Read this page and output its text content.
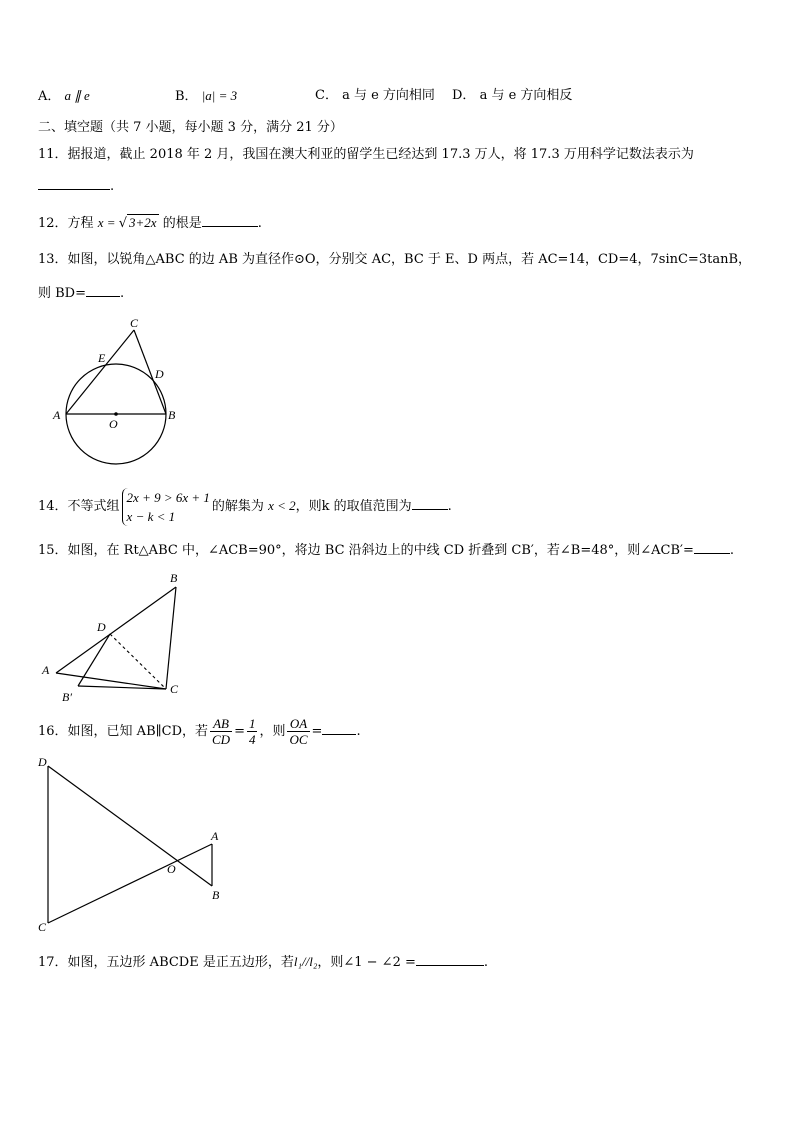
A． a ∥ e	B． |a| = 3	C． a 与 e 方向相同 D． a 与 e 方向相反
二、填空题（共 7 小题，每小题 3 分，满分 21 分）
11．据报道，截止 2018 年 2 月，我国在澳大利亚的留学生已经达到 17.3 万人，将 17.3 万用科学记数法表示为
.
12．方程 x = √ 3+2x 的根是	.
13．如图，以锐角△ABC 的边 AB 为直径作⊙O，分别交 AC，BC 于 E、D 两点，若 AC=14，CD=4，7sinC=3tanB，
则 BD=	.
C
E
D
A
O
B
14．不等式组
2x + 9 > 6x + 1
x − k < 1
的解集为 x < 2，则k 的取值范围为	.
15．如图，在 Rt△ABC 中，∠ACB=90°，将边 BC 沿斜边上的中线 CD 折叠到 CB′，若∠B=48°，则∠ACB′=	.
B
D
A
B′
C
16．如图，已知 AB∥CD，若 $\frac{AB}{CD} = \frac{1}{4}$ ，则 $\frac{OA}{OC}$ =	.
D
A
O
B
C
17．如图，五边形 ABCDE 是正五边形，若l₁//l₂，则∠1 − ∠2 =	.
